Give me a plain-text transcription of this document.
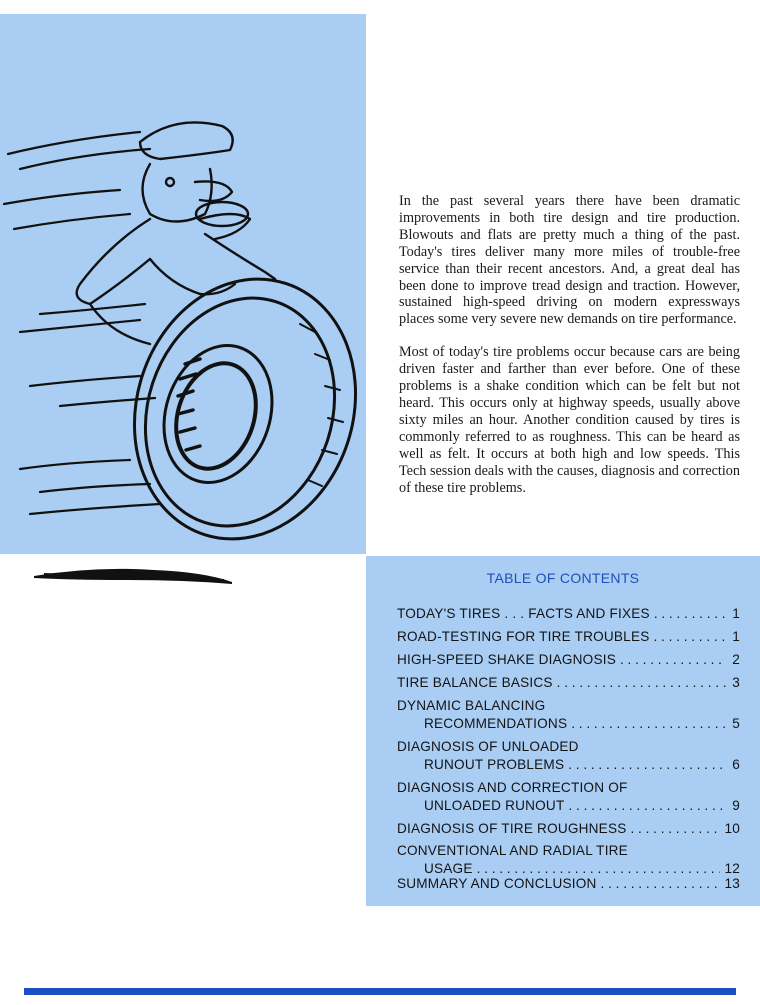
In the past several years there have been dramatic improvements in both tire design and tire production. Blowouts and flats are pretty much a thing of the past. Today's tires deliver many more miles of trouble-free service than their recent ancestors. And, a great deal has been done to improve tread design and traction. However, sustained high-speed driving on modern expressways places some very severe new demands on tire performance.

Most of today's tire problems occur because cars are being driven faster and farther than ever before. One of these problems is a shake condition which can be felt but not heard. This occurs only at highway speeds, usually above sixty miles an hour. Another condition caused by tires is commonly referred to as roughness. This can be heard as well as felt. It occurs at both high and low speeds. This Tech session deals with the causes, diagnosis and correction of these tire problems.

TABLE OF CONTENTS
TODAY'S TIRES . . . FACTS AND FIXES . . .	1
ROAD-TESTING FOR TIRE TROUBLES . . .	1
HIGH-SPEED SHAKE DIAGNOSIS . . .	2
TIRE BALANCE BASICS . . .	3
DYNAMIC BALANCING
RECOMMENDATIONS . . .	5
DIAGNOSIS OF UNLOADED
RUNOUT PROBLEMS . . .	6
DIAGNOSIS AND CORRECTION OF
UNLOADED RUNOUT . . .	9
DIAGNOSIS OF TIRE ROUGHNESS . . .	10
CONVENTIONAL AND RADIAL TIRE
USAGE . . .	12
SUMMARY AND CONCLUSION . . .	13
